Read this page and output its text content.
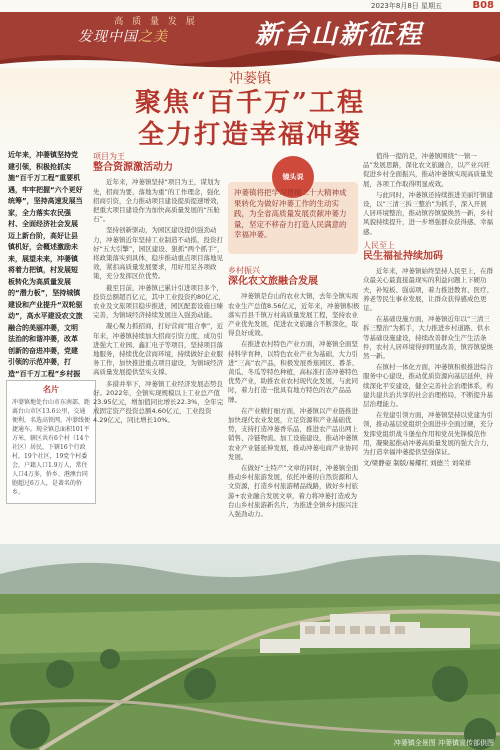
2023年8月8日 星期五	B08
高 质 量 发 展
发现中国之美	新台山新征程
冲蒌镇
聚焦“百千万”工程
全力打造幸福冲蒌
近年来，冲蒌镇坚持党建引领，积极抢抓实施“百千万工程”重要机遇，牢牢把握“六个更好统筹”，坚持高速发展当家，全力落实农民强村、全面经济社会发展迈上新台阶，高好让县镇机好，会概述激励未来，展望未来，冲蒌镇将着力把镇，村发展短板转化为高质量发展的“潜力板”，坚持城镇建设和产业提升“双轮驱动”，高水平建设农文旅融合的美丽冲蒌，文明法治的和谐冲蒌，改革创新的奋进冲蒌，党建引领的示范冲蒌，打造“百千万工程”乡村振
名片
冲蒌镇地处台山市东南部，距离台山市区13.6公里，交通便利，名选高铁网，冲蒌线便捷通车。现全镇总面积101平方米，辖区共有6个村（14个社区）居民，下辖16个行政村，19个社区，19党个村委会，户籍人口1.9万人，常住人口4万多，侨乡、港澳台同胞超过6万人，是著名的侨乡。
项目为王
整合资源激活动力

近年来，冲蒌镇坚持“项目为王，谋划为先，招商为要，落地为重”的工作理念，强化招商引资，全力推动项目建设提质提速增效，把重大项目建设作为加快高质量发展的“压舱石”。

坚持创新驱动，为园区建设提供强劲动力，冲蒌镇近年坚持工业制造不动摇，投资打好“五大引擎”，园区建设、狠抓“两个抓手”，将政策落实到具体，稳步推动重点项目落地见效，紧扣高质量发展要求，用好用足各项政策，充分发挥区位优势。

截至目前，冲蒌镇已累计引进项目多个，投资总额超百亿元，其中工业投资约80亿元，农业及文旅项目稳步推进，园区配套设施日臻完善，为镇域经济持续发展注入强劲动能。

凝心聚力抓招商，打好营商“组合拳”，近年来，冲蒌镇持续加大招商引资力度，成功引进强大工业园、鑫汇电子等项目，坚持项目落地服务，持续优化营商环境，持续做好企业服务工作，加快推进重点项目建设，为镇域经济高质量发展提供坚实支撑。

多措并举下，冲蒌镇工业经济发展态势良好。2022年，全镇实现规模以上工业总产值23.95亿元，增加值同比增长22.3%，全年完成固定资产投资总额4.60亿元，工业投资4.29亿元，同比增长10%。

镜头说
冲蒌镇将把学习贯彻二十大精神成果转化为做好冲蒌工作的生动实践，为全省高质量发展贡献冲蒌力量，坚定不移奋力打造人民满意的幸福冲蒌。
乡村振兴
深化农文旅融合发展

冲蒌镇是台山的农业大镇，去年全镇实现农业生产总值8.56亿元，近年来，冲蒌镇积极落实百县千镇万村高质量发展工程，坚持农业产业优先发展，促进农文旅融合不断深化，取得良好成效。

在推进农村特色产业方面，冲蒌镇全面坚持科学育种，以特色农业产业为基础，大力引进“三高”农产品，积极发展香蕉园区、番茶、黄瓜、冬瓜等特色种植，高标准打造冲蒌特色优势产业，助推农业农村现代化发展，与此同时，着力打造一批具有地方特色的农产品品牌。

在产业精打细方面，冲蒌镇以产业链推进加快现代农业发展，立足资源和产业基础优势，支持打造冲蒌香乐品，推进农产品出网上销售、冷链物流、加工设施建设，推动冲蒌镇农业产业链延伸发展，推动冲蒌电商产业协同发展。

在做好“土特产”文章的同时，冲蒌镇全面推动乡村旅游发展，依托冲蒌的自然资源和人文资源，打造乡村旅游精品线路，做好乡村旅游+农业融合发展文章，着力将冲蒌打造成为台山乡村旅游新名片，为推进全镇乡村振兴注入强劲动力。

值得一提的是，冲蒌镇围绕“一镇一品”发展思路，深化农文旅融合，以产业兴旺促进乡村全面振兴，推动冲蒌镇实现高质量发展，各项工作取得明显成效。

与此同时，冲蒌镇还持续推进美丽圩镇建设，以“三清三拆三整治”为抓手，深入开展人居环境整治，推动镇容镇貌焕然一新，乡村风貌持续提升，进一步增强群众获得感、幸福感。

人民至上
民生福祉持续加码

近年来，冲蒌镇始终坚持人民至上，在群众最关心最直接最现实的利益问题上下硬功夫，补短板、强弱项，着力推进教育、医疗、养老等民生事业发展，让群众获得感成色更足。

在基础设施方面，冲蒌镇近年以“三清三拆三整治”为抓手，大力推进乡村道路、供水等基础设施建设，持续改善群众生产生活条件，农村人居环境得到明显改善，镇容镇貌焕然一新。

在镇村一体化方面，冲蒌镇积极推进综合服务中心建设，推动优质资源向基层延伸，持续深化平安建设，健全完善社会治理体系，构建共建共治共享的社会治理格局，不断提升基层治理能力。

在党建引领方面，冲蒌镇坚持以党建为引领，推动基层党组织全面进步全面过硬，充分发挥党组织战斗堡垒作用和党员先锋模范作用，凝聚起推动冲蒌高质量发展的强大合力，为打造幸福冲蒌提供坚强保证。

文/梁静姿 制版/易耀红 刘德兰 刘荣祥
冲蒌镇全景图 冲蒌镇宣传部供图
